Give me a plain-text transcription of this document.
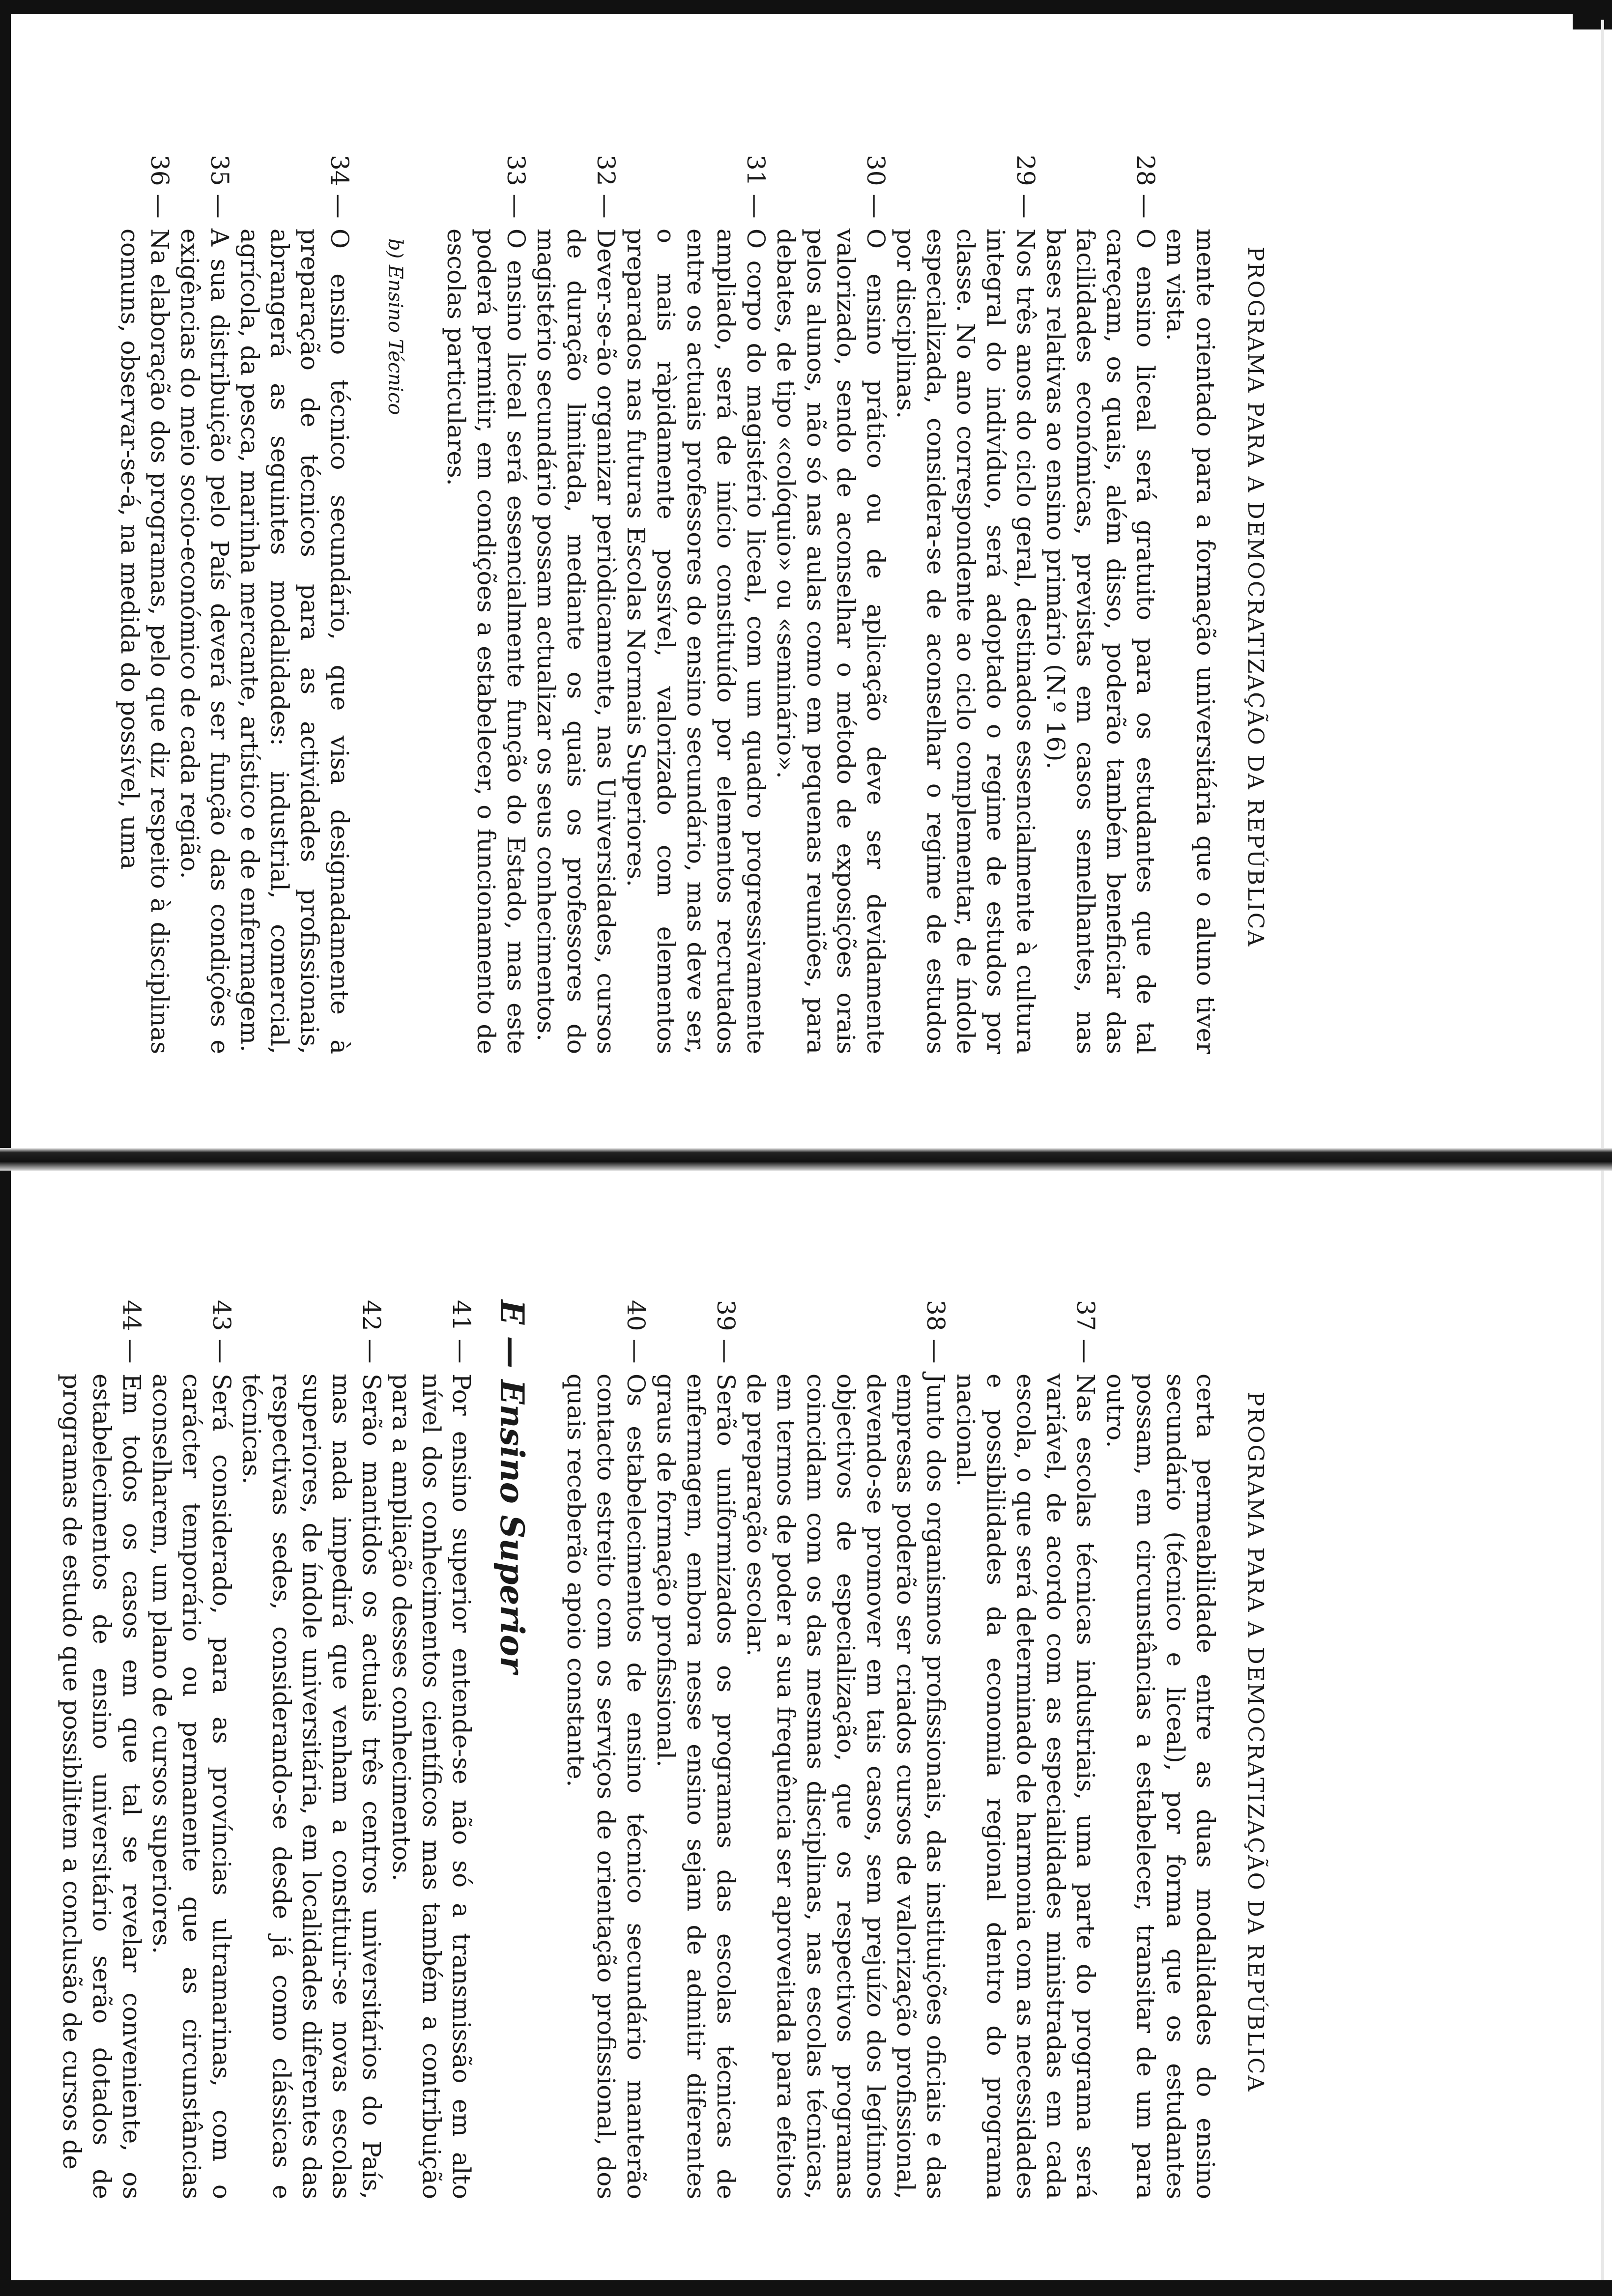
PROGRAMA PARA A DEMOCRATIZAÇÃO DA REPÚBLICA

mente orientado para a formação universitária que o aluno tiver em vista.

28 —
O ensino liceal será gratuito para os estudantes que de tal careçam, os quais, além disso, poderão também beneficiar das facilidades económicas, previstas em casos semelhantes, nas bases relativas ao ensino primário (N.º 16).

29 —
Nos três anos do ciclo geral, destinados essencialmente à cultura integral do indivíduo, será adoptado o regime de estudos por classe. No ano correspondente ao ciclo complementar, de índole especializada, considera-se de aconselhar o regime de estudos por disciplinas.

30 —
O ensino prático ou de aplicação deve ser devidamente valorizado, sendo de aconselhar o método de exposições orais pelos alunos, não só nas aulas como em pequenas reuniões, para debates, de tipo «colóquio» ou «seminário».

31 —
O corpo do magistério liceal, com um quadro progressivamente ampliado, será de início constituído por elementos recrutados entre os actuais professores do ensino secundário, mas deve ser, o mais ràpidamente possível, valorizado com elementos preparados nas futuras Escolas Normais Superiores.

32 —
Dever-se-ão organizar periòdicamente, nas Universidades, cursos de duração limitada, mediante os quais os professores do magistério secundário possam actualizar os seus conhecimentos.

33 —
O ensino liceal será essencialmente função do Estado, mas este poderá permitir, em condições a estabelecer, o funcionamento de escolas particulares.

b) Ensino Técnico

34 —
O ensino técnico secundário, que visa designadamente à preparação de técnicos para as actividades profissionais, abrangerá as seguintes modalidades: industrial, comercial, agrícola, da pesca, marinha mercante, artístico e de enfermagem.

35 —
A sua distribuição pelo País deverá ser função das condições e exigências do meio socio-económico de cada região.

36 —
Na elaboração dos programas, pelo que diz respeito à disciplinas comuns, observar-se-á, na medida do possível, uma

PROGRAMA PARA A DEMOCRATIZAÇÃO DA REPÚBLICA

certa permeabilidade entre as duas modalidades do ensino secundário (técnico e liceal), por forma que os estudantes possam, em circunstâncias a estabelecer, transitar de um para outro.

37 —
Nas escolas técnicas industriais, uma parte do programa será variável, de acordo com as especialidades ministradas em cada escola, o que será determinado de harmonia com as necessidades e possibilidades da economia regional dentro do programa nacional.

38 —
Junto dos organismos profissionais, das instituições oficiais e das empresas poderão ser criados cursos de valorização profissional, devendo-se promover em tais casos, sem prejuízo dos legítimos objectivos de especialização, que os respectivos programas coincidam com os das mesmas disciplinas, nas escolas técnicas, em termos de poder a sua frequência ser aproveitada para efeitos de preparação escolar.

39 —
Serão uniformizados os programas das escolas técnicas de enfermagem, embora nesse ensino sejam de admitir diferentes graus de formação profissional.

40 —
Os estabelecimentos de ensino técnico secundário manterão contacto estreito com os serviços de orientação profissional, dos quais receberão apoio constante.

E — Ensino Superior

41 —
Por ensino superior entende-se não só a transmissão em alto nível dos conhecimentos científicos mas também a contribuição para a ampliação desses conhecimentos.

42 —
Serão mantidos os actuais três centros universitários do País, mas nada impedirá que venham a constituir-se novas escolas superiores, de índole universitária, em localidades diferentes das respectivas sedes, considerando-se desde já como clássicas e técnicas.

43 —
Será considerado, para as províncias ultramarinas, com o carácter temporário ou permanente que as circunstâncias aconselharem, um plano de cursos superiores.

44 —
Em todos os casos em que tal se revelar conveniente, os estabelecimentos de ensino universitário serão dotados de programas de estudo que possibilitem a conclusão de cursos de
